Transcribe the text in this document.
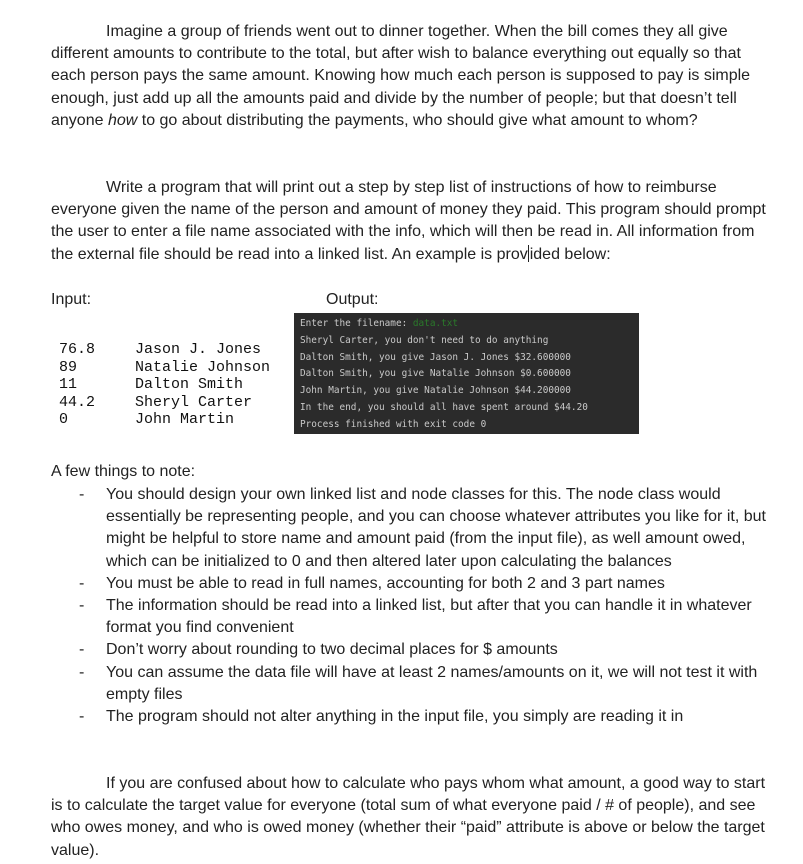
Imagine a group of friends went out to dinner together. When the bill comes they all give different amounts to contribute to the total, but after wish to balance everything out equally so that each person pays the same amount. Knowing how much each person is supposed to pay is simple enough, just add up all the amounts paid and divide by the number of people; but that doesn’t tell anyone how to go about distributing the payments, who should give what amount to whom?

Write a program that will print out a step by step list of instructions of how to reimburse everyone given the name of the person and amount of money they paid. This program should prompt the user to enter a file name associated with the info, which will then be read in. All information from the external file should be read into a linked list. An example is prov ided below:

Input:	Output:
76.8	Jason J. Jones
89	Natalie Johnson
11	Dalton Smith
44.2	Sheryl Carter
0	John Martin
Enter the filename: data.txt
Sheryl Carter, you don't need to do anything
Dalton Smith, you give Jason J. Jones $32.600000
Dalton Smith, you give Natalie Johnson $0.600000
John Martin, you give Natalie Johnson $44.200000
In the end, you should all have spent around $44.20
Process finished with exit code 0
A few things to note:
- You should design your own linked list and node classes for this. The node class would essentially be representing people, and you can choose whatever attributes you like for it, but might be helpful to store name and amount paid (from the input file), as well amount owed, which can be initialized to 0 and then altered later upon calculating the balances
- You must be able to read in full names, accounting for both 2 and 3 part names
- The information should be read into a linked list, but after that you can handle it in whatever format you find convenient
- Don’t worry about rounding to two decimal places for $ amounts
- You can assume the data file will have at least 2 names/amounts on it, we will not test it with empty files
- The program should not alter anything in the input file, you simply are reading it in

If you are confused about how to calculate who pays whom what amount, a good way to start is to calculate the target value for everyone (total sum of what everyone paid / # of people), and see who owes money, and who is owed money (whether their “paid” attribute is above or below the target value).
